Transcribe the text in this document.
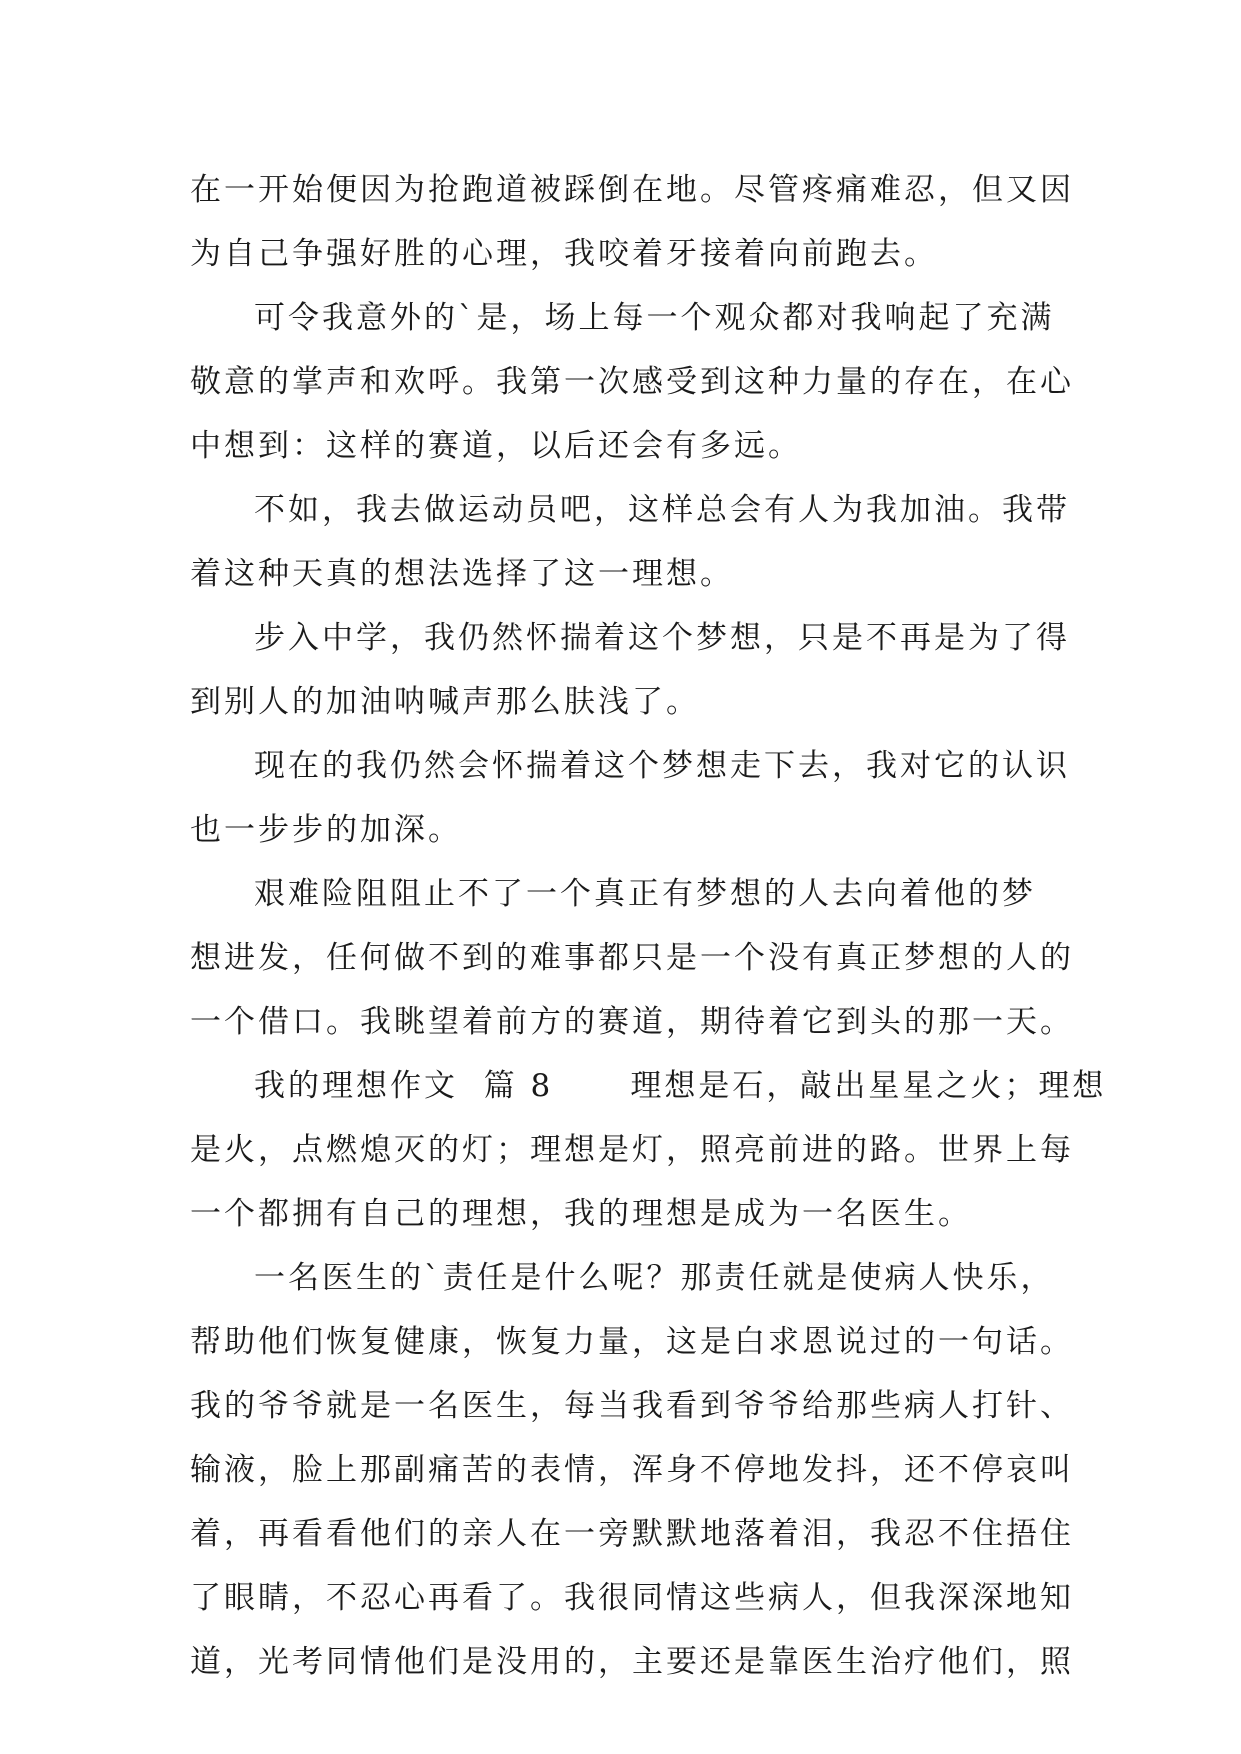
在一开始便因为抢跑道被踩倒在地。尽管疼痛难忍，但又因
为自己争强好胜的心理，我咬着牙接着向前跑去。
可令我意外的`是，场上每一个观众都对我响起了充满
敬意的掌声和欢呼。我第一次感受到这种力量的存在，在心
中想到：这样的赛道，以后还会有多远。
不如，我去做运动员吧，这样总会有人为我加油。我带
着这种天真的想法选择了这一理想。
步入中学，我仍然怀揣着这个梦想，只是不再是为了得
到别人的加油呐喊声那么肤浅了。
现在的我仍然会怀揣着这个梦想走下去，我对它的认识
也一步步的加深。
艰难险阻阻止不了一个真正有梦想的人去向着他的梦
想进发，任何做不到的难事都只是一个没有真正梦想的人的
一个借口。我眺望着前方的赛道，期待着它到头的那一天。
我的理想作文  篇 8      理想是石，敲出星星之火；理想
是火，点燃熄灭的灯；理想是灯，照亮前进的路。世界上每
一个都拥有自己的理想，我的理想是成为一名医生。
一名医生的`责任是什么呢？那责任就是使病人快乐，
帮助他们恢复健康，恢复力量，这是白求恩说过的一句话。
我的爷爷就是一名医生，每当我看到爷爷给那些病人打针、
输液，脸上那副痛苦的表情，浑身不停地发抖，还不停哀叫
着，再看看他们的亲人在一旁默默地落着泪，我忍不住捂住
了眼睛，不忍心再看了。我很同情这些病人，但我深深地知
道，光考同情他们是没用的，主要还是靠医生治疗他们，照
